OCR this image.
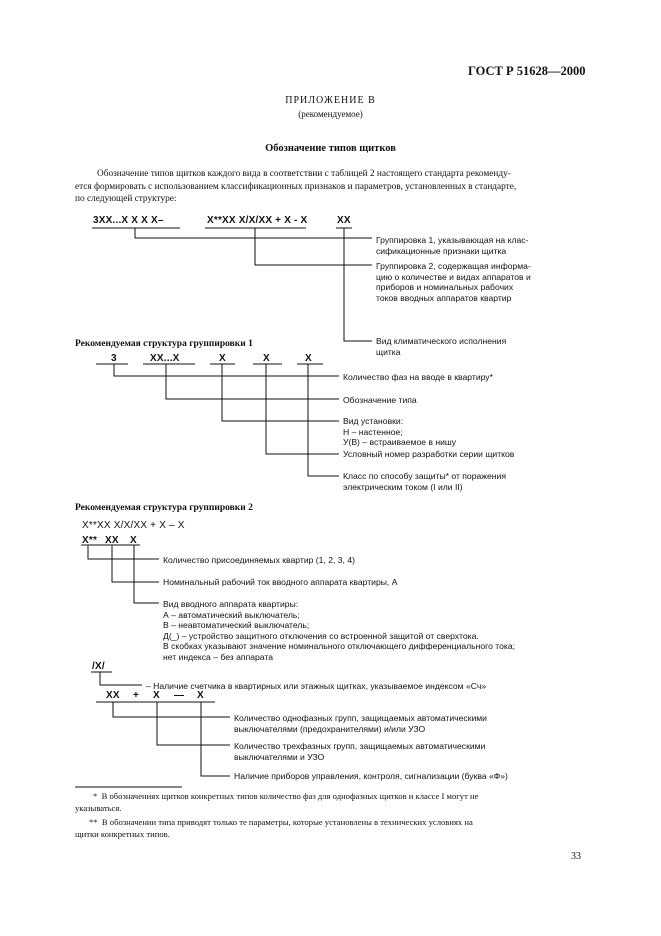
ГОСТ Р 51628—2000
ПРИЛОЖЕНИЕ В
(рекомендуемое)
Обозначение типов щитков
Обозначение типов щитков каждого вида в соответствии с таблицей 2 настоящего стандарта рекоменду-
ется формировать с использованием классификационных признаков и параметров, установленных в стандарте,
по следующей структуре:
3ХХ...Х Х Х Х–	Х**ХХ Х/Х/ХХ + Х - Х	ХХ
Группировка 1, указывающая на клас-
сификационные признаки щитка
Группировка 2, содержащая информа-
цию о количестве и видах аппаратов и
приборов и номинальных рабочих
токов вводных аппаратов квартир
Вид климатического исполнения
щитка
Рекомендуемая структура группировки 1
3	ХХ...Х	Х	Х	Х
Количество фаз на вводе в квартиру*
Обозначение типа
Вид установки:
Н – настенное;
У(В) – встраиваемое в нишу
Условный номер разработки серии щитков
Класс по способу защиты* от поражения
электрическим током (I или II)
Рекомендуемая структура группировки 2
Х**ХХ Х/Х/ХХ + Х – Х
Х** ХХ Х
Количество присоединяемых квартир (1, 2, 3, 4)
Номинальный рабочий ток вводного аппарата квартиры, А
Вид вводного аппарата квартиры:
А – автоматический выключатель;
В – неавтоматический выключатель;
Д(_) – устройство защитного отключения со встроенной защитой от сверхтока.
В скобках указывают значение номинального отключающего дифференциального тока;
нет индекса – без аппарата
/Х/
– Наличие счетчика в квартирных или этажных щитках, указываемое индексом «Сч»
ХХ + Х — Х
Количество однофазных групп, защищаемых автоматическими
выключателями (предохранителями) и/или УЗО
Количество трехфазных групп, защищаемых автоматическими
выключателями и УЗО
Наличие приборов управления, контроля, сигнализации (буква «Ф»)
* В обозначениях щитков конкретных типов количество фаз для однофазных щитков и классе I могут не
указываться.
** В обозначении типа приводят только те параметры, которые установлены в технических условиях на
щитки конкретных типов.
33
